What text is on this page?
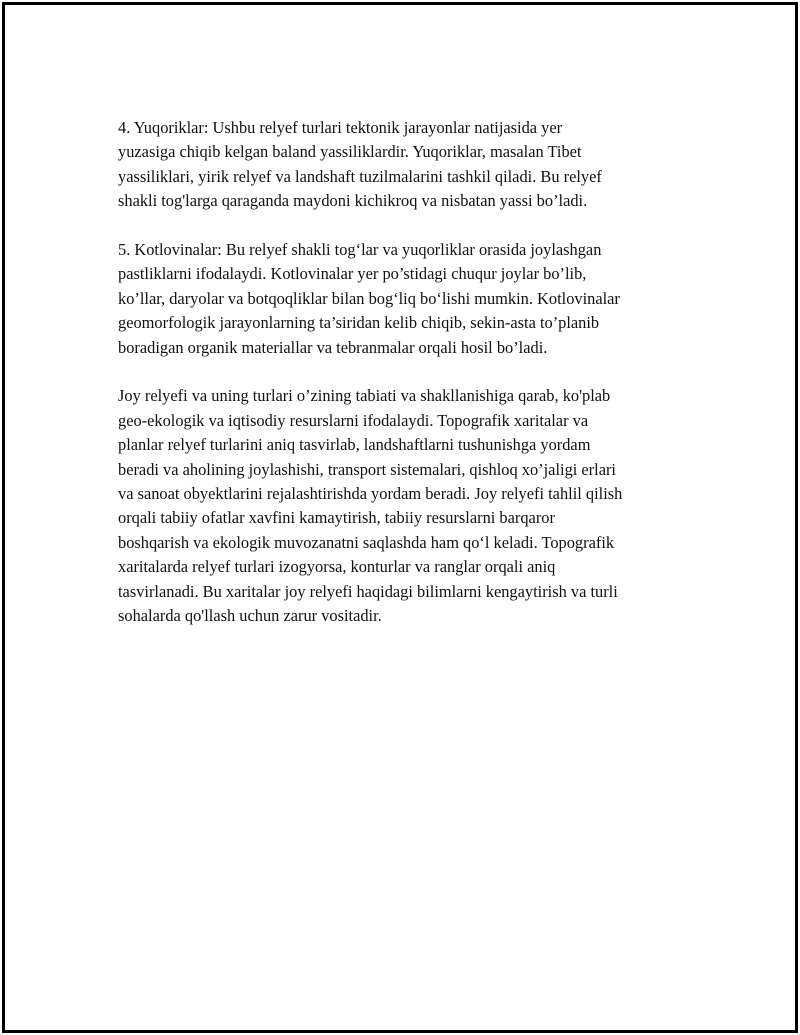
4. Yuqoriklar: Ushbu relyef turlari tektonik jarayonlar natijasida yer
yuzasiga chiqib kelgan baland yassiliklardir. Yuqoriklar, masalan Tibet
yassiliklari, yirik relyef va landshaft tuzilmalarini tashkil qiladi. Bu relyef
shakli tog'larga qaraganda maydoni kichikroq va nisbatan yassi bo’ladi.

5. Kotlovinalar: Bu relyef shakli tog‘lar va yuqorliklar orasida joylashgan
pastliklarni ifodalaydi. Kotlovinalar yer po’stidagi chuqur joylar bo’lib,
ko’llar, daryolar va botqoqliklar bilan bog‘liq bo‘lishi mumkin. Kotlovinalar
geomorfologik jarayonlarning ta’siridan kelib chiqib, sekin-asta to’planib
boradigan organik materiallar va tebranmalar orqali hosil bo’ladi.

Joy relyefi va uning turlari o’zining tabiati va shakllanishiga qarab, ko'plab
geo-ekologik va iqtisodiy resurslarni ifodalaydi. Topografik xaritalar va
planlar relyef turlarini aniq tasvirlab, landshaftlarni tushunishga yordam
beradi va aholining joylashishi, transport sistemalari, qishloq xo’jaligi erlari
va sanoat obyektlarini rejalashtirishda yordam beradi. Joy relyefi tahlil qilish
orqali tabiiy ofatlar xavfini kamaytirish, tabiiy resurslarni barqaror
boshqarish va ekologik muvozanatni saqlashda ham qo‘l keladi. Topografik
xaritalarda relyef turlari izogyorsa, konturlar va ranglar orqali aniq
tasvirlanadi. Bu xaritalar joy relyefi haqidagi bilimlarni kengaytirish va turli
sohalarda qo'llash uchun zarur vositadir.
